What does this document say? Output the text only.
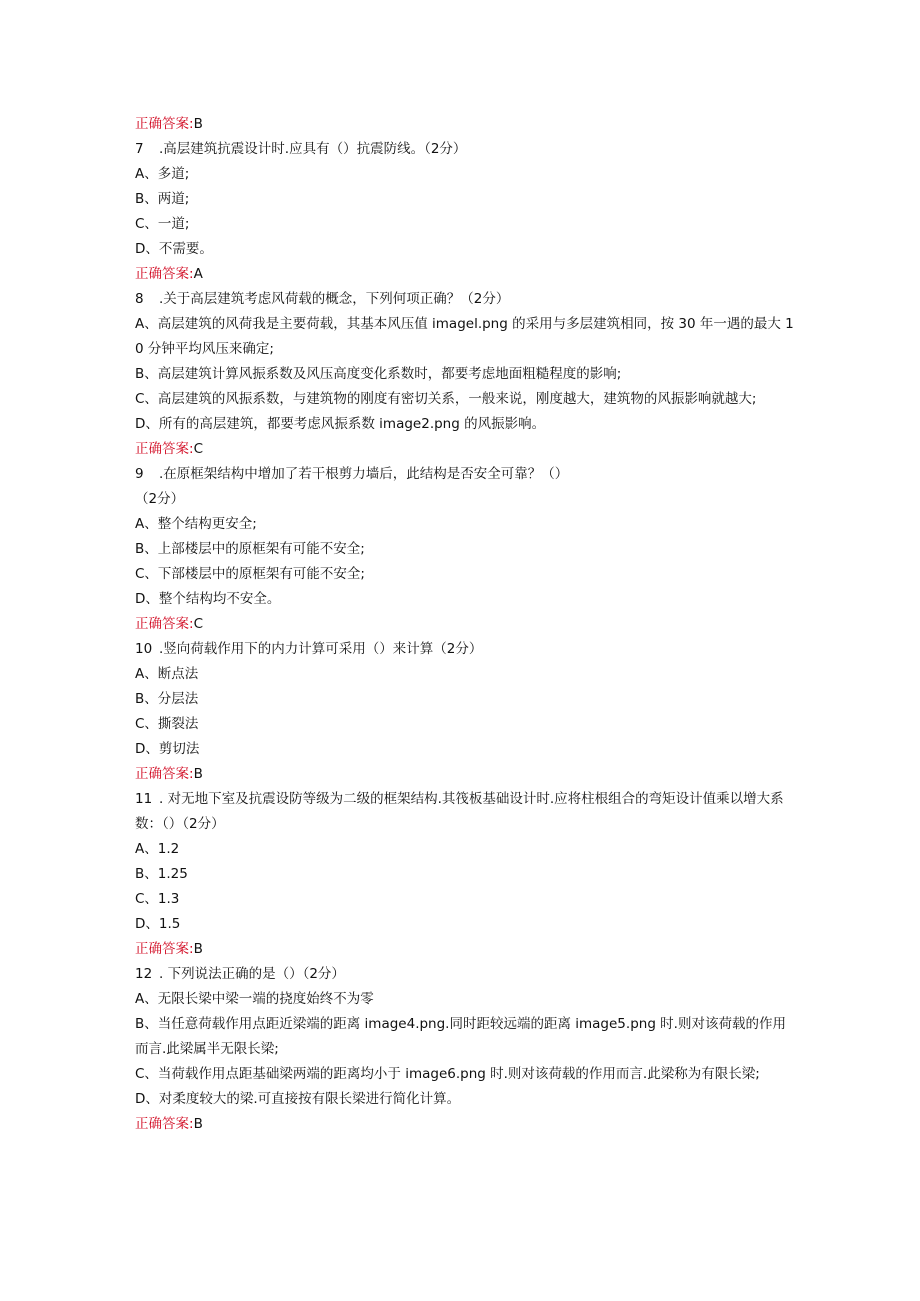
正确答案:B
7 .高层建筑抗震设计时.应具有（）抗震防线。（2分）
A、多道;
B、两道;
C、一道;
D、不需要。
正确答案:A
8 .关于高层建筑考虑风荷载的概念，下列何项正确？（2分）
A、高层建筑的风荷我是主要荷载，其基本风压值 imagel.png 的采用与多层建筑相同，按 30 年一遇的最大 10 分钟平均风压来确定;
B、高层建筑计算风振系数及风压高度变化系数时，都要考虑地面粗糙程度的影响;
C、高层建筑的风振系数，与建筑物的刚度有密切关系，一般来说，刚度越大，建筑物的风振影响就越大;
D、所有的高层建筑，都要考虑风振系数 image2.png 的风振影响。
正确答案:C
9 .在原框架结构中增加了若干根剪力墙后，此结构是否安全可靠？（）
（2分）
A、整个结构更安全;
B、上部楼层中的原框架有可能不安全;
C、下部楼层中的原框架有可能不安全;
D、整个结构均不安全。
正确答案:C
10 .竖向荷载作用下的内力计算可采用（）来计算（2分）
A、断点法
B、分层法
C、撕裂法
D、剪切法
正确答案:B
11 . 对无地下室及抗震设防等级为二级的框架结构.其筏板基础设计时.应将柱根组合的弯矩设计值乘以增大系数：（）（2分）
A、1.2
B、1.25
C、1.3
D、1.5
正确答案:B
12 . 下列说法正确的是（）（2分）
A、无限长梁中梁一端的挠度始终不为零
B、当任意荷载作用点距近梁端的距离 image4.png.同时距较远端的距离 image5.png 时.则对该荷载的作用而言.此梁属半无限长梁;
C、当荷载作用点距基础梁两端的距离均小于 image6.png 时.则对该荷载的作用而言.此梁称为有限长梁;
D、对柔度较大的梁.可直接按有限长梁进行简化计算。
正确答案:B
